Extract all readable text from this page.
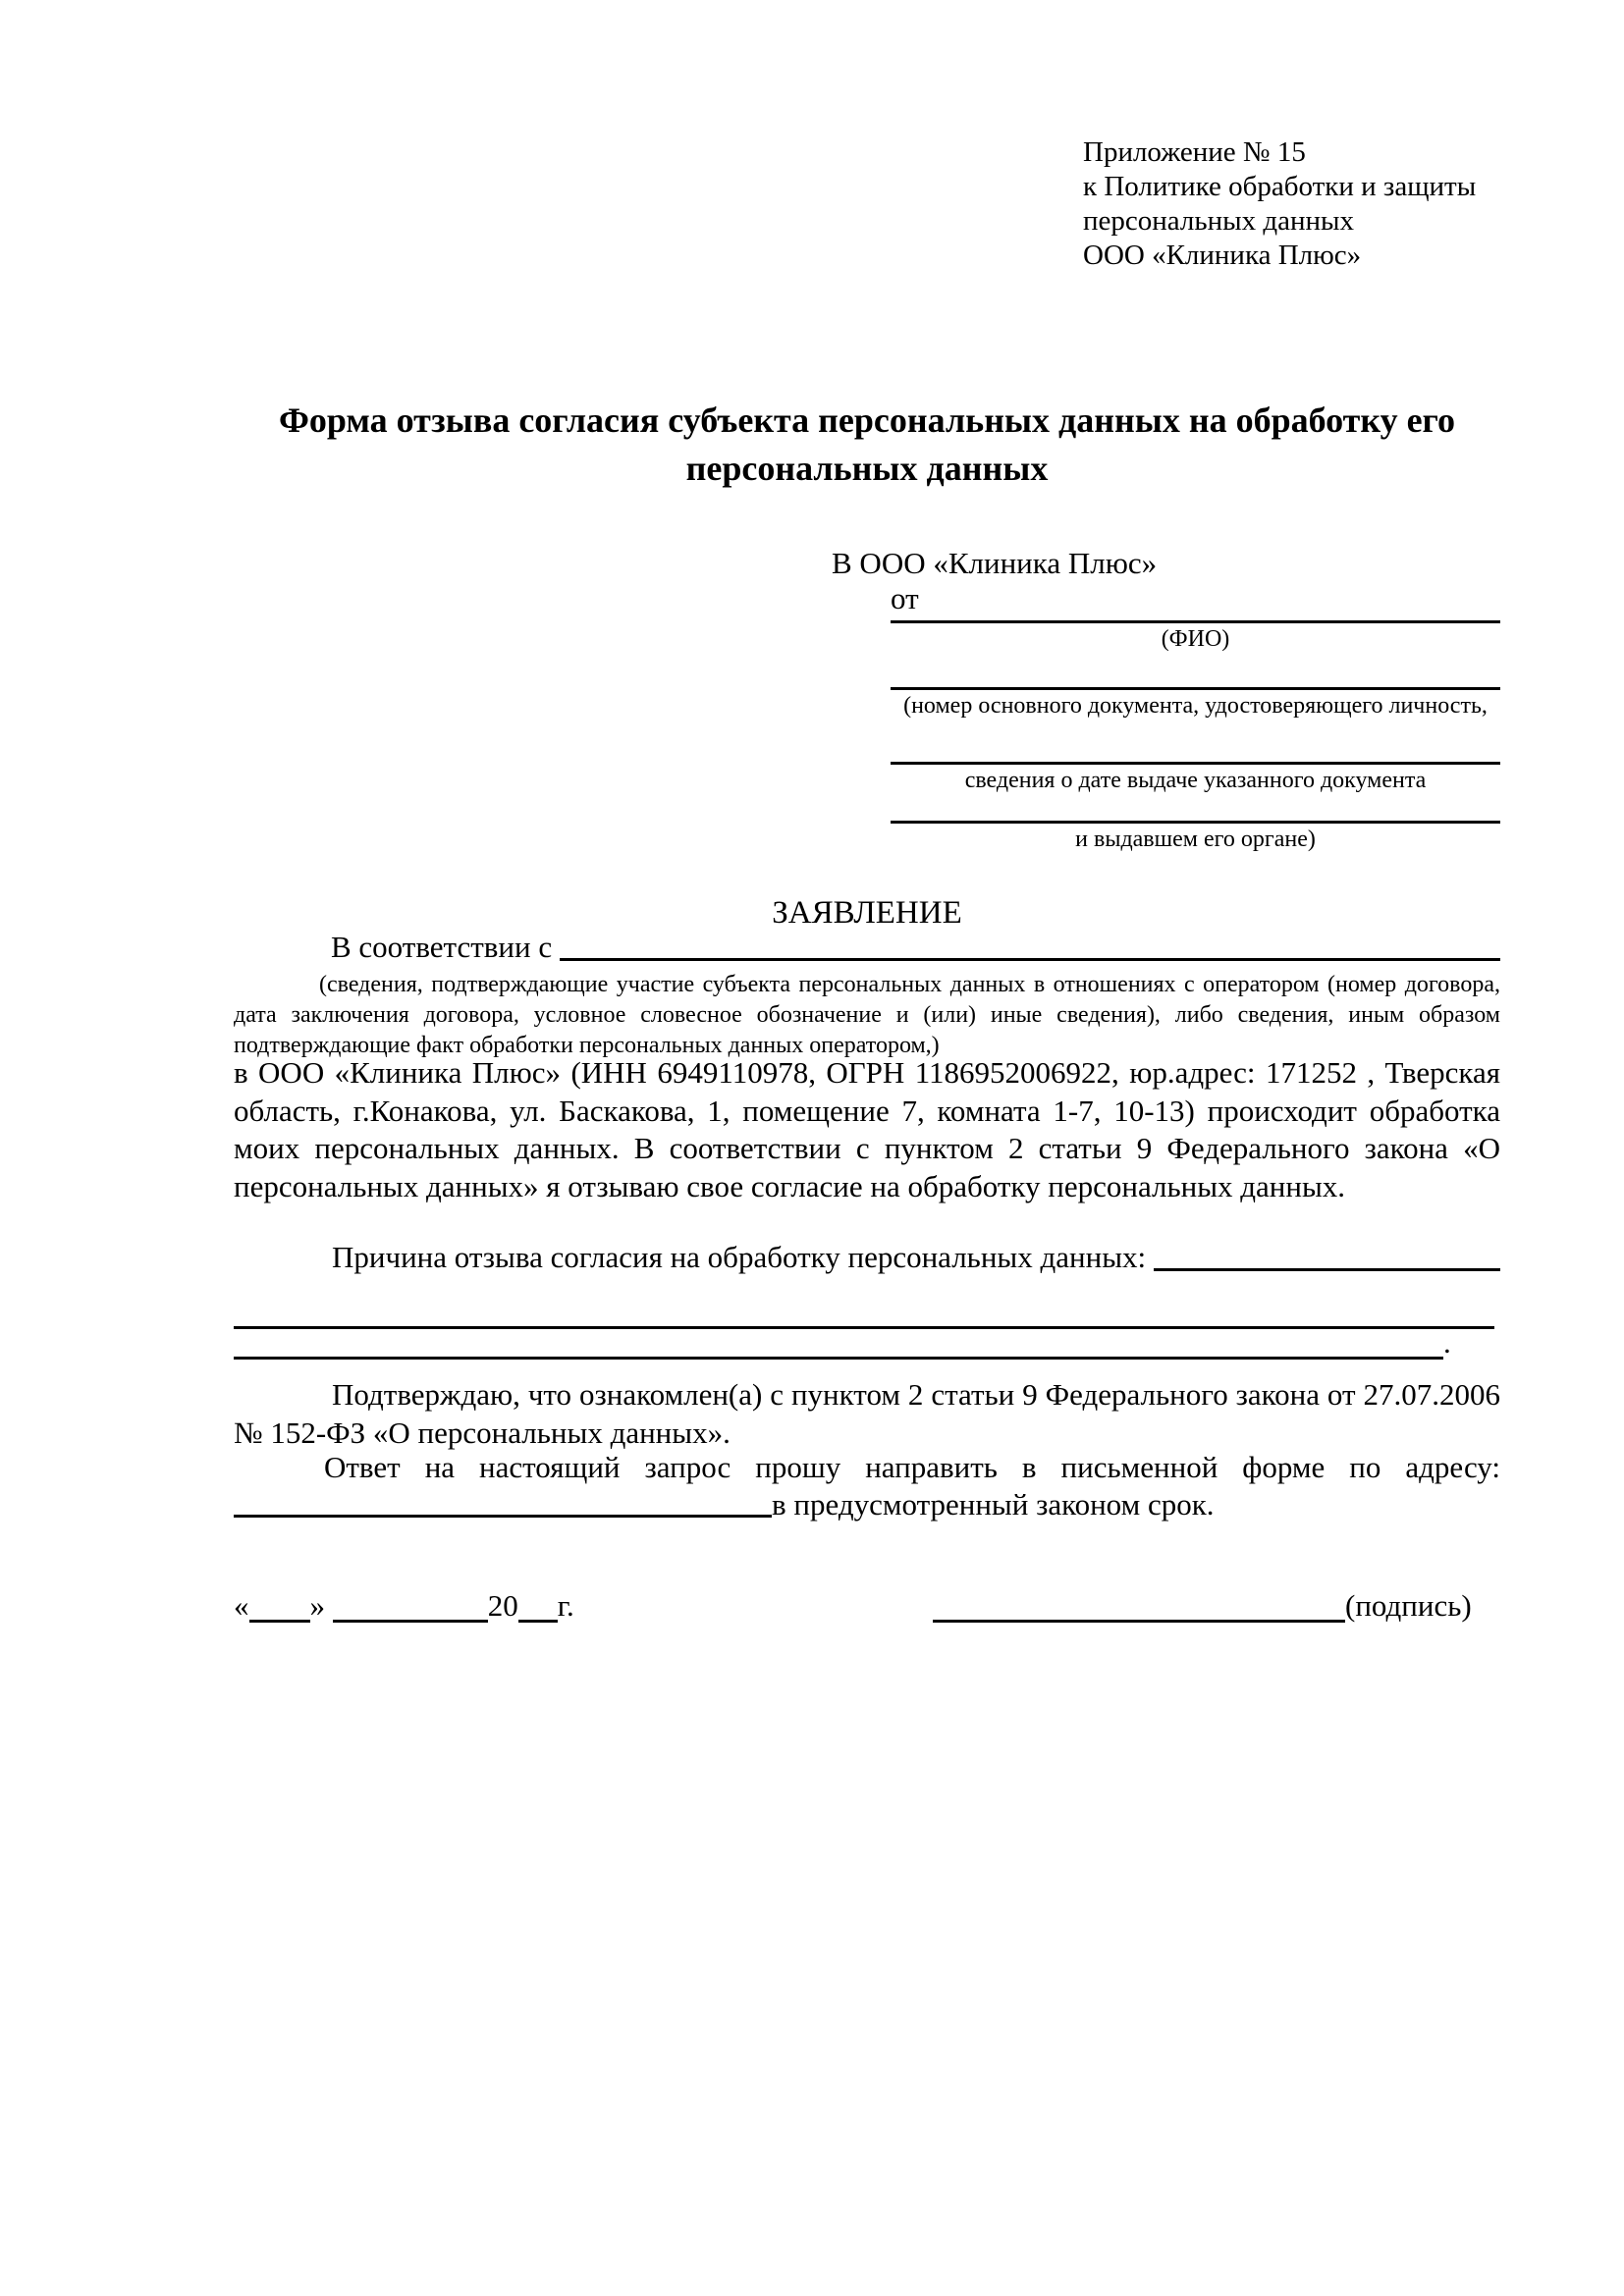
Приложение № 15
к Политике обработки и защиты
персональных данных
ООО «Клиника Плюс»
Форма отзыва согласия субъекта персональных данных на обработку его персональных данных
В ООО «Клиника Плюс»
от
(ФИО)
(номер основного документа, удостоверяющего личность,
сведения о дате выдаче указанного документа
и выдавшем его органе)
ЗАЯВЛЕНИЕ
В соответствии с
(сведения, подтверждающие участие субъекта персональных данных в отношениях с оператором (номер договора, дата заключения договора, условное словесное обозначение и (или) иные сведения), либо сведения, иным образом подтверждающие факт обработки персональных данных оператором,)
в ООО «Клиника Плюс» (ИНН 6949110978, ОГРН 1186952006922, юр.адрес: 171252 , Тверская область, г.Конакова, ул. Баскакова, 1, помещение 7, комната 1-7, 10-13) происходит обработка моих персональных данных. В соответствии с пунктом 2 статьи 9 Федерального закона «О персональных данных» я отзываю свое согласие на обработку персональных данных.
Причина отзыва согласия на обработку персональных данных:
.
Подтверждаю, что ознакомлен(а) с пунктом 2 статьи 9 Федерального закона от 27.07.2006 № 152-ФЗ «О персональных данных».
Ответ на настоящий запрос прошу направить в письменной форме по адресу:
в предусмотренный законом срок.
« »	20 г.	(подпись)
